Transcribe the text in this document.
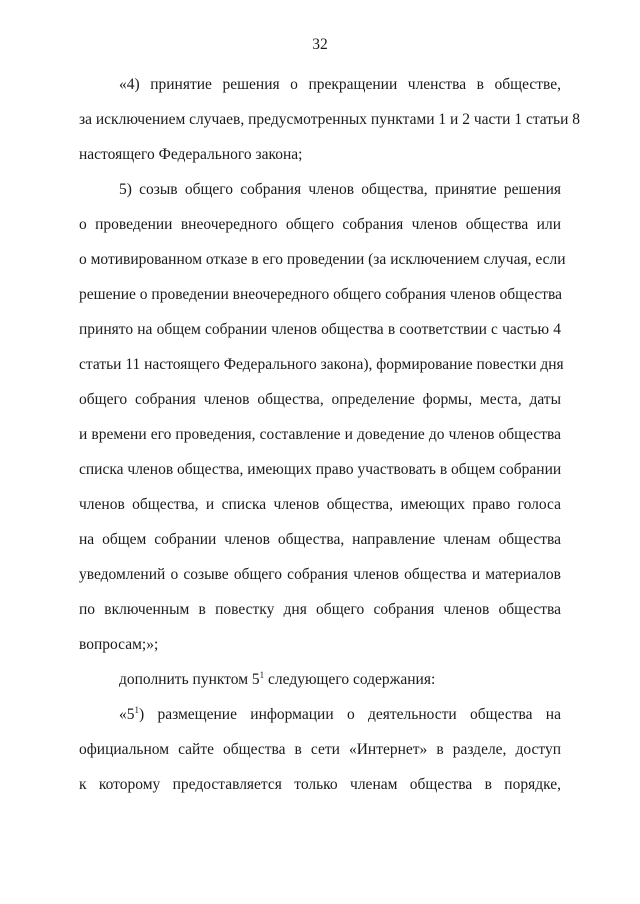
32
«4) принятие решения о прекращении членства в обществе,
за исключением случаев, предусмотренных пунктами 1 и 2 части 1 статьи 8
настоящего Федерального закона;
5) созыв общего собрания членов общества, принятие решения
о проведении внеочередного общего собрания членов общества или
о мотивированном отказе в его проведении (за исключением случая, если
решение о проведении внеочередного общего собрания членов общества
принято на общем собрании членов общества в соответствии с частью 4
статьи 11 настоящего Федерального закона), формирование повестки дня
общего собрания членов общества, определение формы, места, даты
и времени его проведения, составление и доведение до членов общества
списка членов общества, имеющих право участвовать в общем собрании
членов общества, и списка членов общества, имеющих право голоса
на общем собрании членов общества, направление членам общества
уведомлений о созыве общего собрания членов общества и материалов
по включенным в повестку дня общего собрания членов общества
вопросам;»;
дополнить пунктом $5^1$ следующего содержания:
«$5^1$) размещение информации о деятельности общества на
официальном сайте общества в сети «Интернет» в разделе, доступ
к которому предоставляется только членам общества в порядке,
